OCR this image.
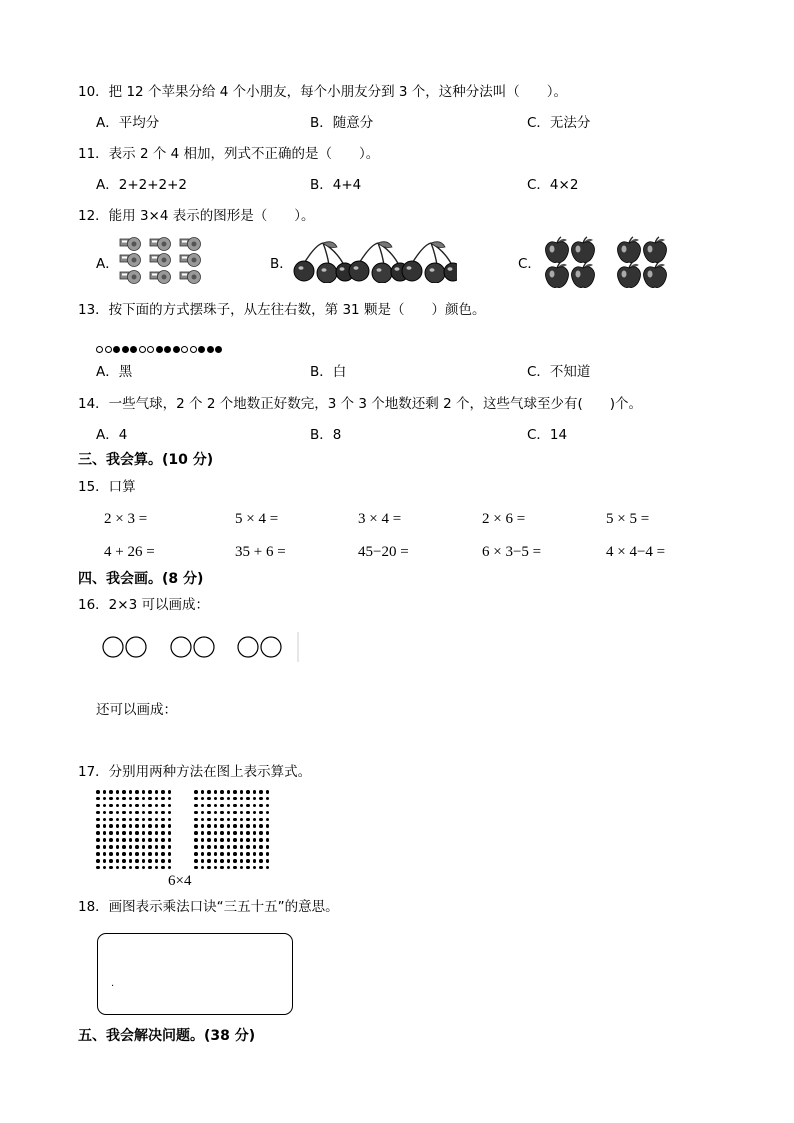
10．把 12 个苹果分给 4 个小朋友，每个小朋友分到 3 个，这种分法叫（　　）。
A．平均分	B．随意分	C．无法分
11．表示 2 个 4 相加，列式不正确的是（　　）。
A．2+2+2+2	B．4+4	C．4×2
12．能用 3×4 表示的图形是（　　）。
A．	B．	C．
13．按下面的方式摆珠子，从左往右数，第 31 颗是（　　）颜色。
A．黑	B．白	C．不知道
14．一些气球，2 个 2 个地数正好数完，3 个 3 个地数还剩 2 个，这些气球至少有(　　)个。
A．4	B．8	C．14
三、我会算。(10 分)
15．口算
2 × 3 =	5 × 4 =	3 × 4 =	2 × 6 =	5 × 5 =
4 + 26 =	35 + 6 =	45−20 =	6 × 3−5 =	4 × 4−4 =
四、我会画。(8 分)
16．2×3 可以画成：
还可以画成：
17．分别用两种方法在图上表示算式。
6×4
18．画图表示乘法口诀“三五十五”的意思。
.
五、我会解决问题。(38 分)
